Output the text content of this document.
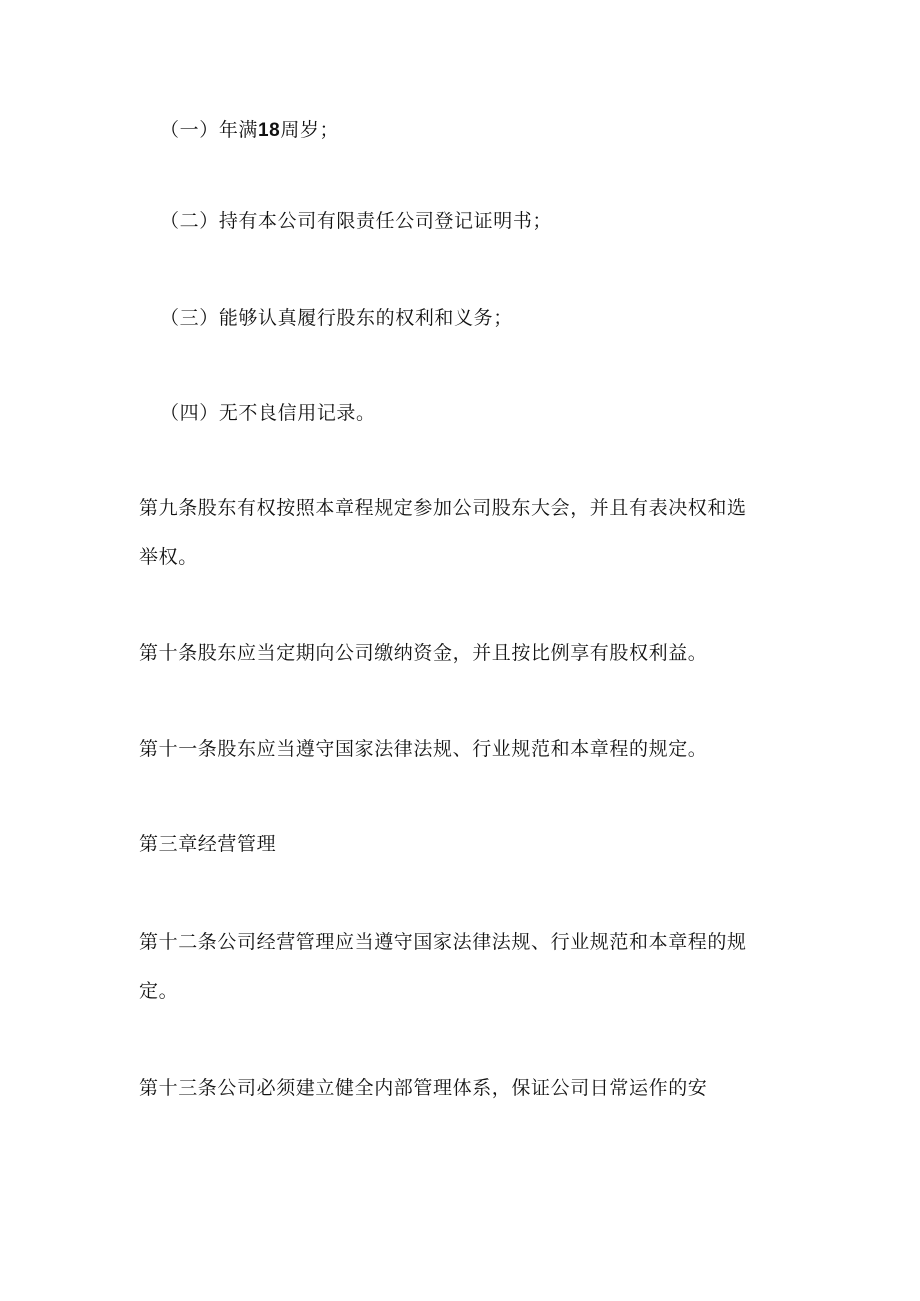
（一）年满18周岁；

（二）持有本公司有限责任公司登记证明书；

（三）能够认真履行股东的权利和义务；

（四）无不良信用记录。

第九条股东有权按照本章程规定参加公司股东大会，并且有表决权和选

举权。

第十条股东应当定期向公司缴纳资金，并且按比例享有股权利益。

第十一条股东应当遵守国家法律法规、行业规范和本章程的规定。

第三章经营管理

第十二条公司经营管理应当遵守国家法律法规、行业规范和本章程的规

定。

第十三条公司必须建立健全内部管理体系，保证公司日常运作的安
